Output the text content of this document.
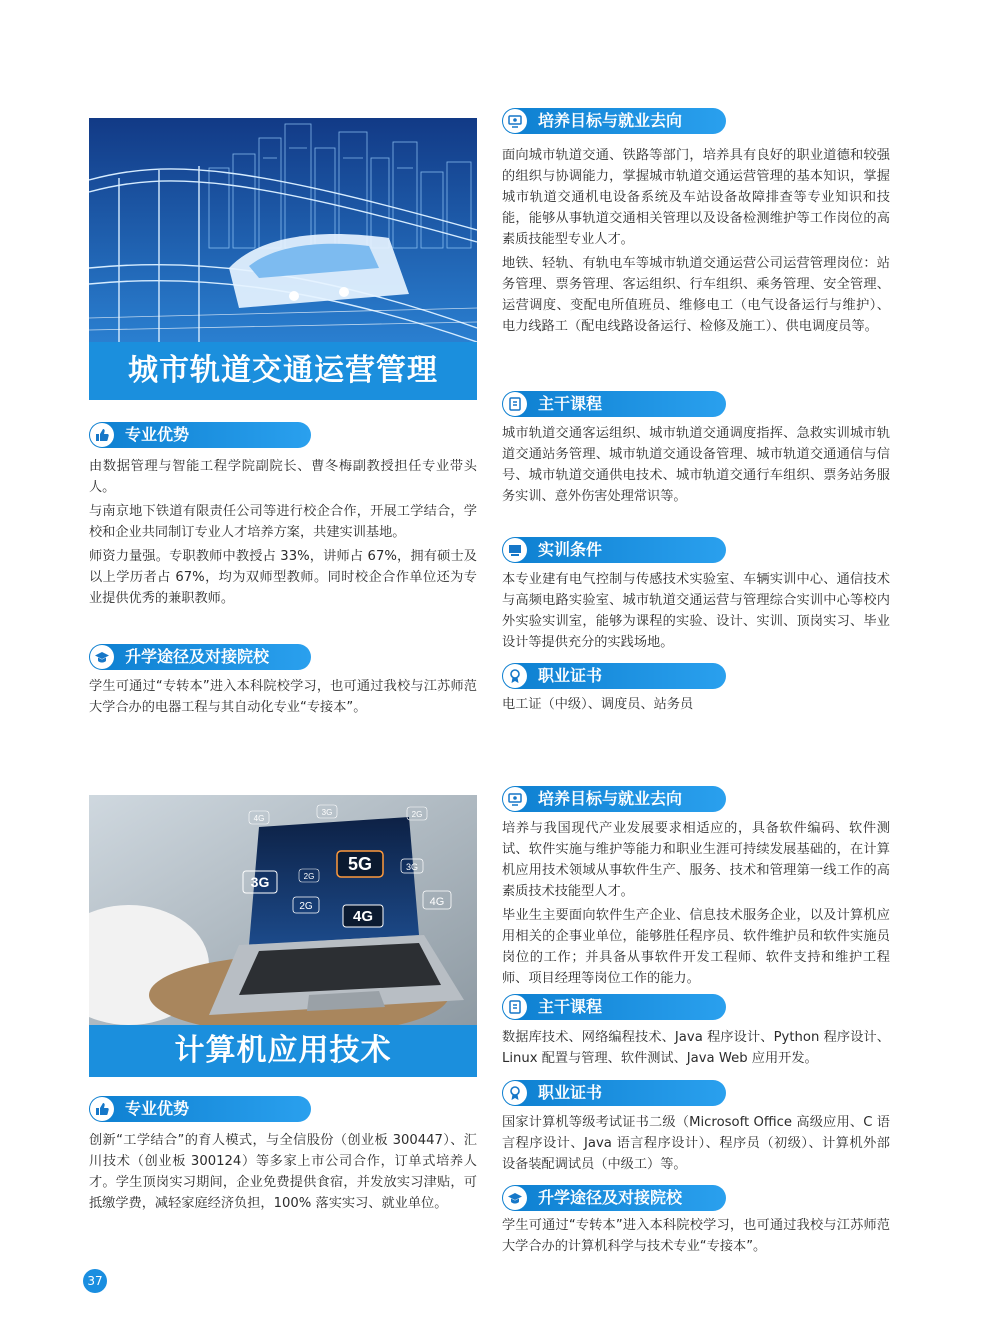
城市轨道交通运营管理
专业优势
由数据管理与智能工程学院副院长、曹冬梅副教授担任专业带头人。
与南京地下铁道有限责任公司等进行校企合作，开展工学结合，学校和企业共同制订专业人才培养方案，共建实训基地。
师资力量强。专职教师中教授占 33%，讲师占 67%，拥有硕士及以上学历者占 67%，均为双师型教师。同时校企合作单位还为专业提供优秀的兼职教师。
升学途径及对接院校
学生可通过“专转本”进入本科院校学习，也可通过我校与江苏师范大学合办的电器工程与其自动化专业“专接本”。
培养目标与就业去向
面向城市轨道交通、铁路等部门，培养具有良好的职业道德和较强的组织与协调能力，掌握城市轨道交通运营管理的基本知识，掌握城市轨道交通机电设备系统及车站设备故障排查等专业知识和技能，能够从事轨道交通相关管理以及设备检测维护等工作岗位的高素质技能型专业人才。
地铁、轻轨、有轨电车等城市轨道交通运营公司运营管理岗位：站务管理、票务管理、客运组织、行车组织、乘务管理、安全管理、运营调度、变配电所值班员、维修电工（电气设备运行与维护）、电力线路工（配电线路设备运行、检修及施工）、供电调度员等。
主干课程
城市轨道交通客运组织、城市轨道交通调度指挥、急救实训城市轨道交通站务管理、城市轨道交通设备管理、城市轨道交通通信与信号、城市轨道交通供电技术、城市轨道交通行车组织、票务站务服务实训、意外伤害处理常识等。
实训条件
本专业建有电气控制与传感技术实验室、车辆实训中心、通信技术与高频电路实验室、城市轨道交通运营与管理综合实训中心等校内外实验实训室，能够为课程的实验、设计、实训、顶岗实习、毕业设计等提供充分的实践场地。
职业证书
电工证（中级）、调度员、站务员
5G
4G
3G
2G	4G
3G
2G
3G	2G
4G
计算机应用技术
专业优势
创新“工学结合”的育人模式，与全信股份（创业板 300447）、汇川技术（创业板 300124）等多家上市公司合作，订单式培养人才。学生顶岗实习期间，企业免费提供食宿，并发放实习津贴，可抵缴学费，减轻家庭经济负担，100% 落实实习、就业单位。
培养目标与就业去向
培养与我国现代产业发展要求相适应的，具备软件编码、软件测试、软件实施与维护等能力和职业生涯可持续发展基础的，在计算机应用技术领域从事软件生产、服务、技术和管理第一线工作的高素质技术技能型人才。
毕业生主要面向软件生产企业、信息技术服务企业，以及计算机应用相关的企事业单位，能够胜任程序员、软件维护员和软件实施员岗位的工作；并具备从事软件开发工程师、软件支持和维护工程师、项目经理等岗位工作的能力。
主干课程
数据库技术、网络编程技术、Java 程序设计、Python 程序设计、Linux 配置与管理、软件测试、Java Web 应用开发。
职业证书
国家计算机等级考试证书二级（Microsoft Office 高级应用、C 语言程序设计、Java 语言程序设计）、程序员（初级）、计算机外部设备装配调试员（中级工）等。
升学途径及对接院校
学生可通过“专转本”进入本科院校学习，也可通过我校与江苏师范大学合办的计算机科学与技术专业“专接本”。
37
